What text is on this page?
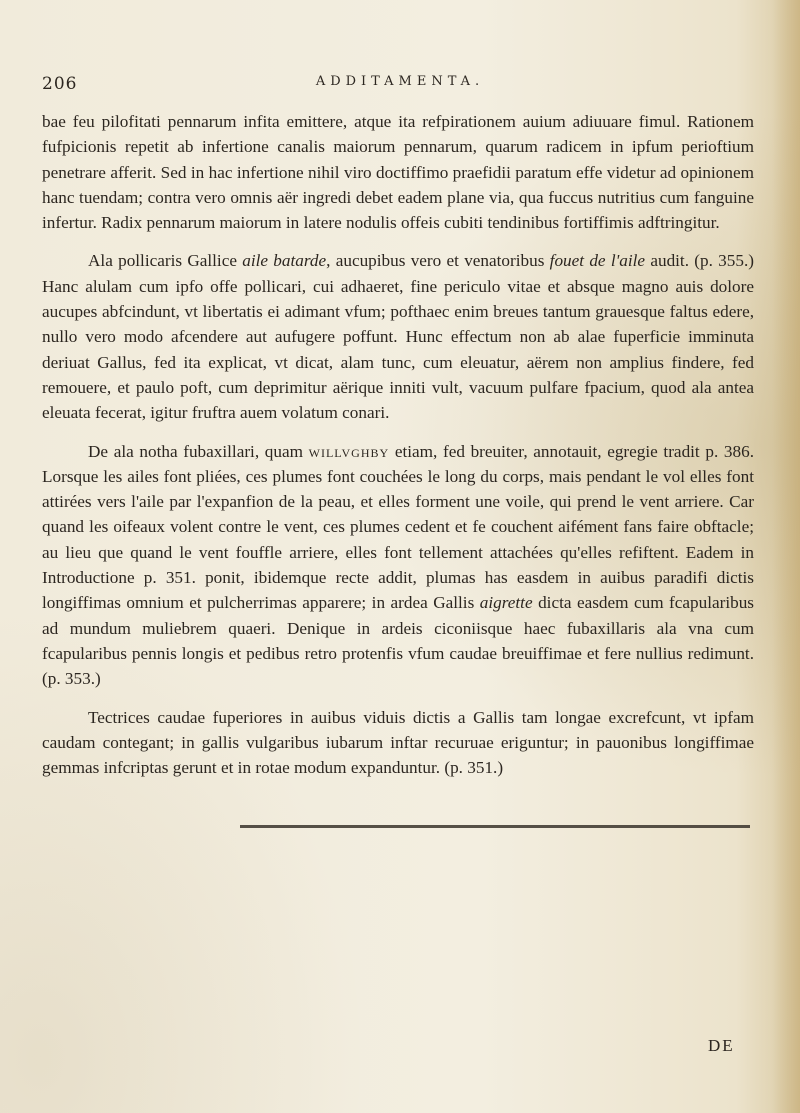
206	ADDITAMENTA.

bae feu pilofitati pennarum infita emittere, atque ita refpirationem auium adiuuare fimul. Rationem fufpicionis repetit ab infertione canalis maiorum pennarum, quarum radicem in ipfum perioftium penetrare afferit. Sed in hac infertione nihil viro doctiffimo praefidii paratum effe videtur ad opinionem hanc tuendam; contra vero omnis aër ingredi debet eadem plane via, qua fuccus nutritius cum fanguine infertur. Radix pennarum maiorum in latere nodulis offeis cubiti tendinibus fortiffimis adftringitur.

Ala pollicaris Gallice aile batarde, aucupibus vero et venatoribus fouet de l'aile audit. (p. 355.) Hanc alulam cum ipfo offe pollicari, cui adhaeret, fine periculo vitae et absque magno auis dolore aucupes abfcindunt, vt libertatis ei adimant vfum; pofthaec enim breues tantum grauesque faltus edere, nullo vero modo afcendere aut aufugere poffunt. Hunc effectum non ab alae fuperficie imminuta deriuat Gallus, fed ita explicat, vt dicat, alam tunc, cum eleuatur, aërem non amplius findere, fed remouere, et paulo poft, cum deprimitur aërique inniti vult, vacuum pulfare fpacium, quod ala antea eleuata fecerat, igitur fruftra auem volatum conari.

De ala notha fubaxillari, quam willvghby etiam, fed breuiter, annotauit, egregie tradit p. 386. Lorsque les ailes font pliées, ces plumes font couchées le long du corps, mais pendant le vol elles font attirées vers l'aile par l'expanfion de la peau, et elles forment une voile, qui prend le vent arriere. Car quand les oifeaux volent contre le vent, ces plumes cedent et fe couchent aifément fans faire obftacle; au lieu que quand le vent fouffle arriere, elles font tellement attachées qu'elles refiftent. Eadem in Introductione p. 351. ponit, ibidemque recte addit, plumas has easdem in auibus paradifi dictis longiffimas omnium et pulcherrimas apparere; in ardea Gallis aigrette dicta easdem cum fcapularibus ad mundum muliebrem quaeri. Denique in ardeis ciconiisque haec fubaxillaris ala vna cum fcapularibus pennis longis et pedibus retro protenfis vfum caudae breuiffimae et fere nullius redimunt. (p. 353.)

Tectrices caudae fuperiores in auibus viduis dictis a Gallis tam longae excrefcunt, vt ipfam caudam contegant; in gallis vulgaribus iubarum inftar recuruae eriguntur; in pauonibus longiffimae gemmas infcriptas gerunt et in rotae modum expanduntur. (p. 351.)

DE
